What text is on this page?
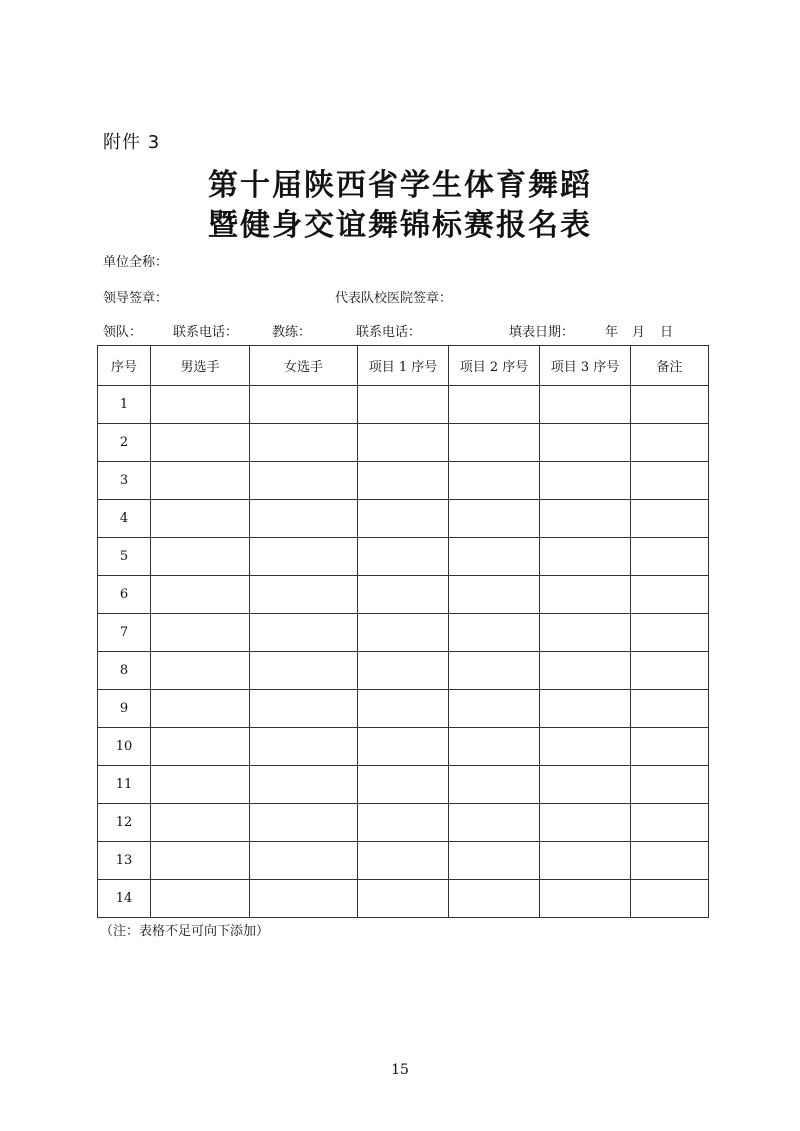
附件 3
第十届陕西省学生体育舞蹈
暨健身交谊舞锦标赛报名表
单位全称：
领导签章：	代表队校医院签章：
领队： 联系电话：	教练：	联系电话：	填表日期： 年 月 日
序号	男选手	女选手	项目 1 序号	项目 2 序号	项目 3 序号	备注
1						
2						
3						
4						
5						
6						
7						
8						
9						
10						
11						
12						
13						
14						
（注：表格不足可向下添加）
15
